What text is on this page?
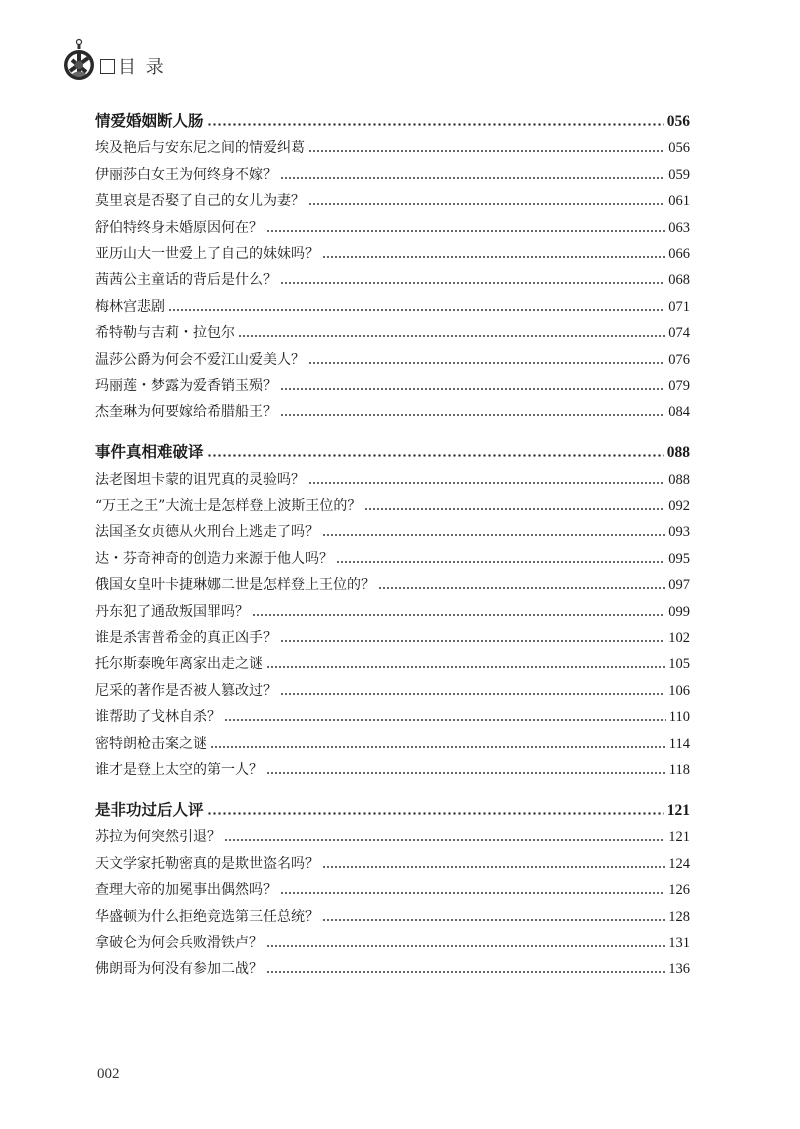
目 录
情爱婚姻断人肠	056
埃及艳后与安东尼之间的情爱纠葛	056
伊丽莎白女王为何终身不嫁？	059
莫里哀是否娶了自己的女儿为妻？	061
舒伯特终身未婚原因何在？	063
亚历山大一世爱上了自己的妹妹吗？	066
茜茜公主童话的背后是什么？	068
梅林宫悲剧	071
希特勒与吉莉・拉包尔	074
温莎公爵为何会不爱江山爱美人？	076
玛丽莲・梦露为爱香销玉殒？	079
杰奎琳为何要嫁给希腊船王？	084
事件真相难破译	088
法老图坦卡蒙的诅咒真的灵验吗？	088
“万王之王”大流士是怎样登上波斯王位的？	092
法国圣女贞德从火刑台上逃走了吗？	093
达・芬奇神奇的创造力来源于他人吗？	095
俄国女皇叶卡捷琳娜二世是怎样登上王位的？	097
丹东犯了通敌叛国罪吗？	099
谁是杀害普希金的真正凶手？	102
托尔斯泰晚年离家出走之谜	105
尼采的著作是否被人篡改过？	106
谁帮助了戈林自杀？	110
密特朗枪击案之谜	114
谁才是登上太空的第一人？	118
是非功过后人评	121
苏拉为何突然引退？	121
天文学家托勒密真的是欺世盗名吗？	124
查理大帝的加冕事出偶然吗？	126
华盛顿为什么拒绝竞选第三任总统？	128
拿破仑为何会兵败滑铁卢？	131
佛朗哥为何没有参加二战？	136
002
